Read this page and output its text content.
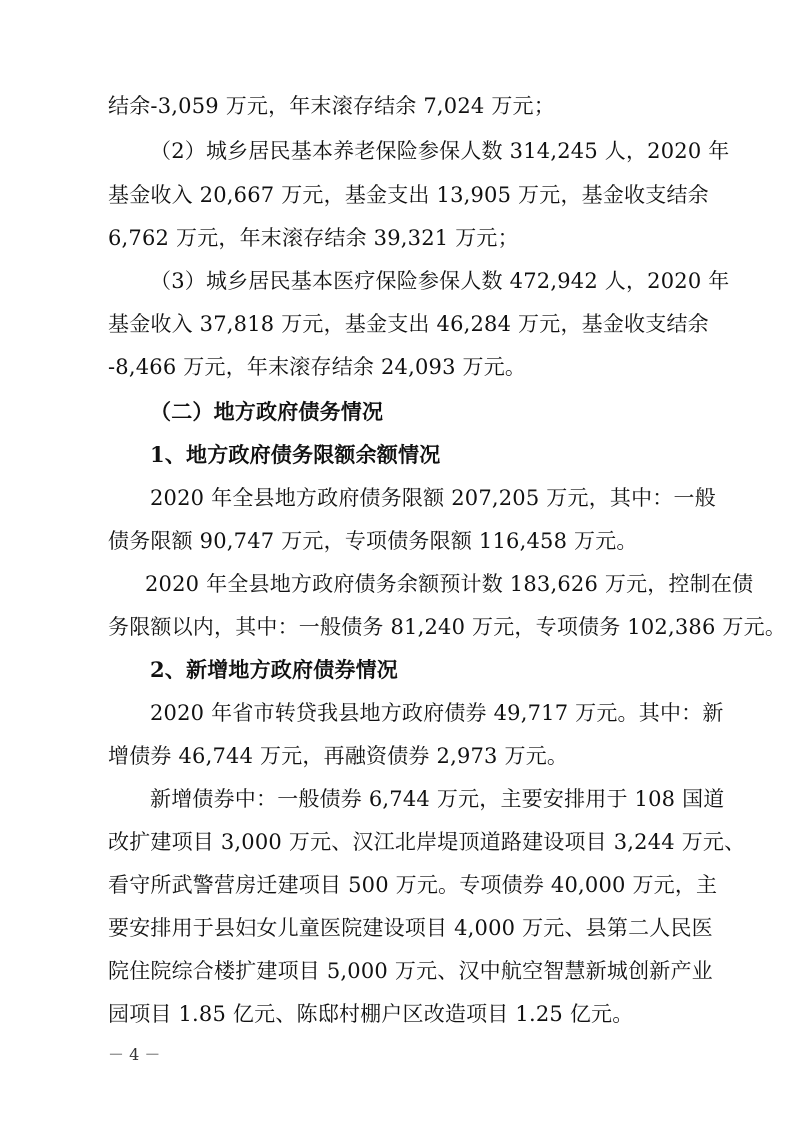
结余-3,059 万元，年末滚存结余 7,024 万元；
（2）城乡居民基本养老保险参保人数 314,245 人，2020 年
基金收入 20,667 万元，基金支出 13,905 万元，基金收支结余
6,762 万元，年末滚存结余 39,321 万元；
（3）城乡居民基本医疗保险参保人数 472,942 人，2020 年
基金收入 37,818 万元，基金支出 46,284 万元，基金收支结余
-8,466 万元，年末滚存结余 24,093 万元。
（二）地方政府债务情况
1、地方政府债务限额余额情况
2020 年全县地方政府债务限额 207,205 万元，其中：一般
债务限额 90,747 万元，专项债务限额 116,458 万元。
2020 年全县地方政府债务余额预计数 183,626 万元，控制在债
务限额以内，其中：一般债务 81,240 万元，专项债务 102,386 万元。
2、新增地方政府债券情况
2020 年省市转贷我县地方政府债券 49,717 万元。其中：新
增债券 46,744 万元，再融资债券 2,973 万元。
新增债券中：一般债券 6,744 万元，主要安排用于 108 国道
改扩建项目 3,000 万元、汉江北岸堤顶道路建设项目 3,244 万元、
看守所武警营房迁建项目 500 万元。专项债券 40,000 万元，主
要安排用于县妇女儿童医院建设项目 4,000 万元、县第二人民医
院住院综合楼扩建项目 5,000 万元、汉中航空智慧新城创新产业
园项目 1.85 亿元、陈邸村棚户区改造项目 1.25 亿元。
－ 4 －
